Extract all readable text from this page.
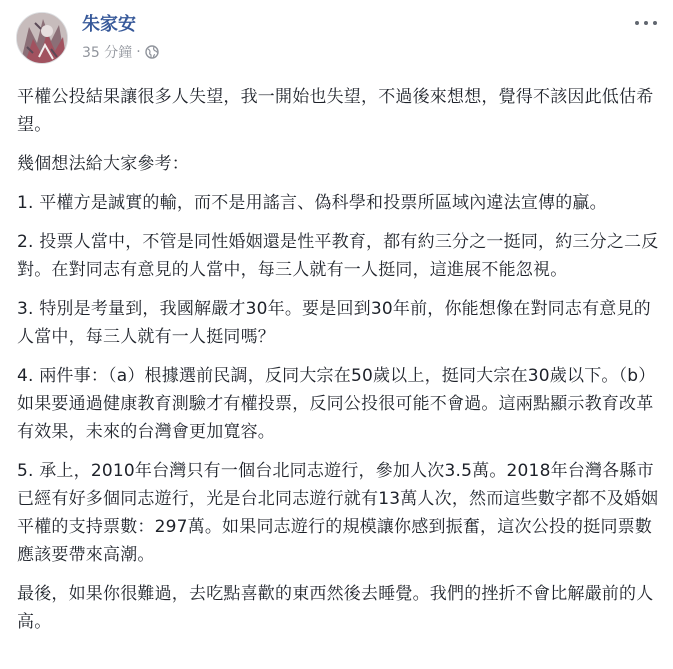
朱家安
35 分鐘 ·

平權公投結果讓很多人失望，我一開始也失望，不過後來想想，覺得不該因此低估希望。

幾個想法給大家參考：

1. 平權方是誠實的輸，而不是用謠言、偽科學和投票所區域內違法宣傳的贏。

2. 投票人當中，不管是同性婚姻還是性平教育，都有約三分之一挺同，約三分之二反對。在對同志有意見的人當中，每三人就有一人挺同，這進展不能忽視。

3. 特別是考量到，我國解嚴才30年。要是回到30年前，你能想像在對同志有意見的人當中，每三人就有一人挺同嗎？

4. 兩件事：（a）根據選前民調，反同大宗在50歲以上，挺同大宗在30歲以下。（b）如果要通過健康教育測驗才有權投票，反同公投很可能不會過。這兩點顯示教育改革有效果，未來的台灣會更加寬容。

5. 承上，2010年台灣只有一個台北同志遊行，參加人次3.5萬。2018年台灣各縣市已經有好多個同志遊行，光是台北同志遊行就有13萬人次，然而這些數字都不及婚姻平權的支持票數：297萬。如果同志遊行的規模讓你感到振奮，這次公投的挺同票數應該要帶來高潮。

最後，如果你很難過，去吃點喜歡的東西然後去睡覺。我們的挫折不會比解嚴前的人高。
